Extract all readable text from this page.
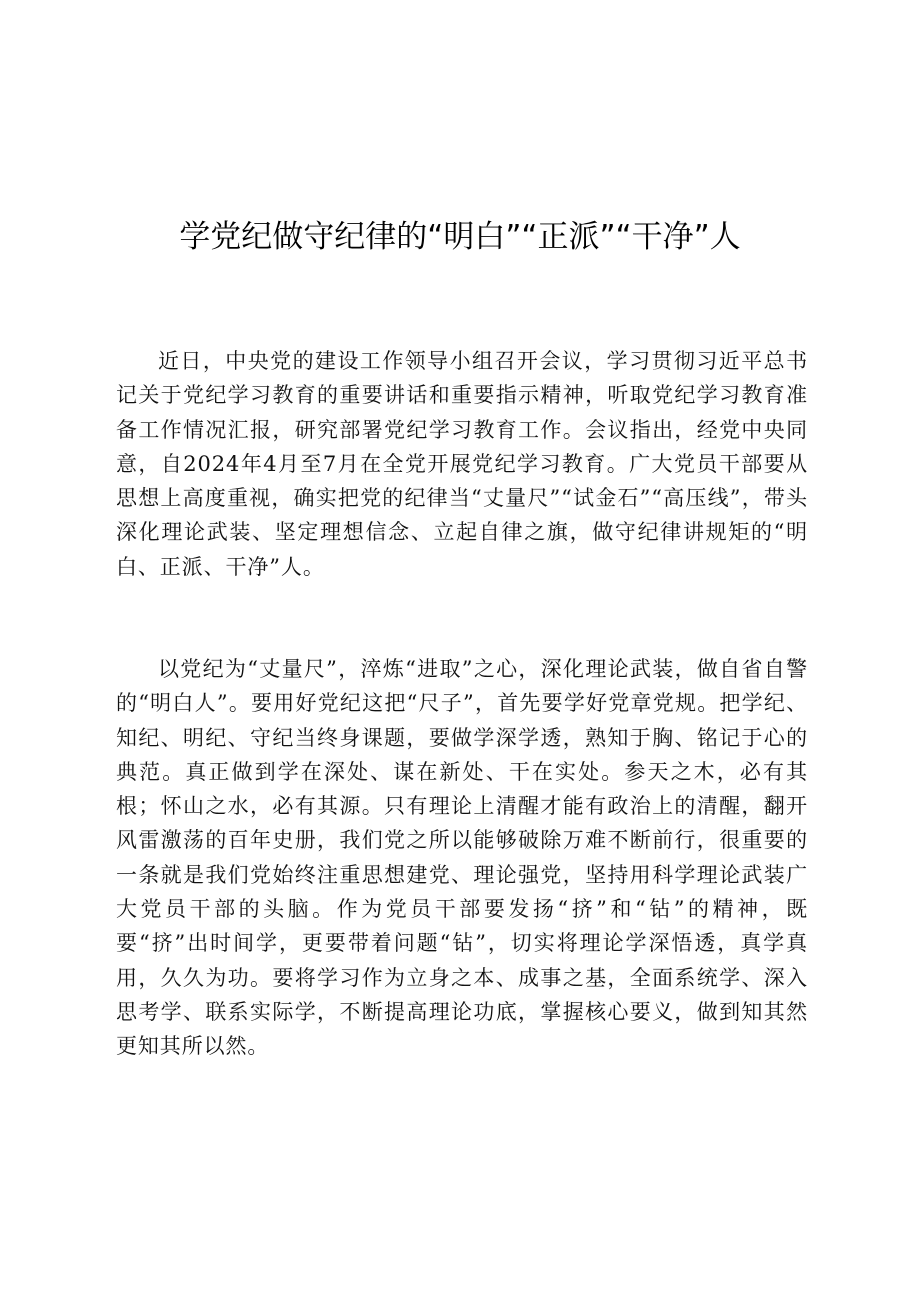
学党纪做守纪律的“明白”“正派”“干净”人

近日，中央党的建设工作领导小组召开会议，学习贯彻习近平总书记关于党纪学习教育的重要讲话和重要指示精神，听取党纪学习教育准备工作情况汇报，研究部署党纪学习教育工作。会议指出，经党中央同意，自2024年4月至7月在全党开展党纪学习教育。广大党员干部要从思想上高度重视，确实把党的纪律当“丈量尺”“试金石”“高压线”，带头深化理论武装、坚定理想信念、立起自律之旗，做守纪律讲规矩的“明白、正派、干净”人。

以党纪为“丈量尺”，淬炼“进取”之心，深化理论武装，做自省自警的“明白人”。要用好党纪这把“尺子”，首先要学好党章党规。把学纪、知纪、明纪、守纪当终身课题，要做学深学透，熟知于胸、铭记于心的典范。真正做到学在深处、谋在新处、干在实处。参天之木，必有其根；怀山之水，必有其源。只有理论上清醒才能有政治上的清醒，翻开风雷激荡的百年史册，我们党之所以能够破除万难不断前行，很重要的一条就是我们党始终注重思想建党、理论强党，坚持用科学理论武装广大党员干部的头脑。作为党员干部要发扬“挤”和“钻”的精神，既要“挤”出时间学，更要带着问题“钻”，切实将理论学深悟透，真学真用，久久为功。要将学习作为立身之本、成事之基，全面系统学、深入思考学、联系实际学，不断提高理论功底，掌握核心要义，做到知其然更知其所以然。
